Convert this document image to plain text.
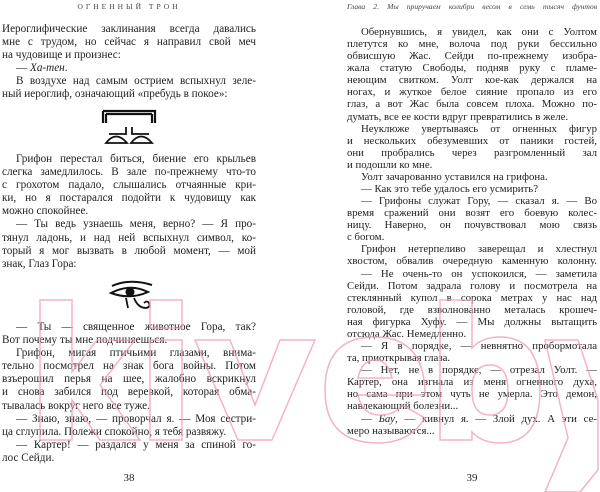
ОГНЕННЫЙ ТРОН
Иероглифические заклинания всегда давались
мне с трудом, но сейчас я направил свой меч
на чудовище и произнес:
— Ха-тен.
В воздухе над самым острием вспыхнул зеле-
ный иероглиф, означающий «пребудь в покое»:
Грифон перестал биться, биение его крыльев
слегка замедлилось. В зале по-прежнему что-то
с грохотом падало, слышались отчаянные кри-
ки, но я постарался подойти к чудовищу как
можно спокойнее.
— Ты ведь узнаешь меня, верно? — Я про-
тянул ладонь, и над ней вспыхнул символ, ко-
торый я мог вызвать в любой момент, — мой
знак, Глаз Гора:
— Ты — священное животное Гора, так?
Вот почему ты мне подчиняешься.
Грифон, мигая птичьими глазами, внима-
тельно посмотрел на знак бога войны. Потом
взъерошил перья на шее, жалобно вскрикнул
и снова забился под веревкой, которая обма-
тывалась вокруг него все туже.
— Знаю, знаю, — проворчал я. — Моя сестри-
ца сглупила. Полежи спокойно, я тебя развяжу.
— Картер! — раздался у меня за спиной го-
лос Сейди.
38
Глава 2. Мы приручаем колибри весом в семь тысяч фунтов
Обернувшись, я увидел, как они с Уолтом
плетутся ко мне, волоча под руки бессильно
обвисшую Жас. Сейди по-прежнему изобра-
жала статую Свободы, подняв руку с пламе-
неющим свитком. Уолт кое-как держался на
ногах, и жуткое белое сияние пропало из его
глаз, а вот Жас была совсем плоха. Можно по-
думать, все ее кости вдруг превратились в желе.
Неуклюже увертываясь от огненных фигур
и нескольких обезумевших от паники гостей,
они пробрались через разгромленный зал
и подошли ко мне.
Уолт зачарованно уставился на грифона.
— Как это тебе удалось его усмирить?
— Грифоны служат Гору, — сказал я. — Во
время сражений они возят его боевую колес-
ницу. Наверно, он почувствовал мою связь
с богом.
Грифон нетерпеливо заверещал и хлестнул
хвостом, обвалив очередную каменную колонну.
— Не очень-то он успокоился, — заметила
Сейди. Потом задрала голову и посмотрела на
стеклянный купол в сорока метрах у нас над
головой, где взволнованно металась крошеч-
ная фигурка Хуфу. — Мы должны вытащить
отсюда Жас. Немедленно.
— Я в порядке, — невнятно пробормотала
та, приоткрывая глаза.
— Нет, не в порядке, — отрезал Уолт. —
Картер, она изгнала из меня огненного духа,
но сама при этом чуть не умерла. Это демон,
навлекающий болезни...
— Бау, — кивнул я. — Злой дух. А эти се-
меро называются...
39
